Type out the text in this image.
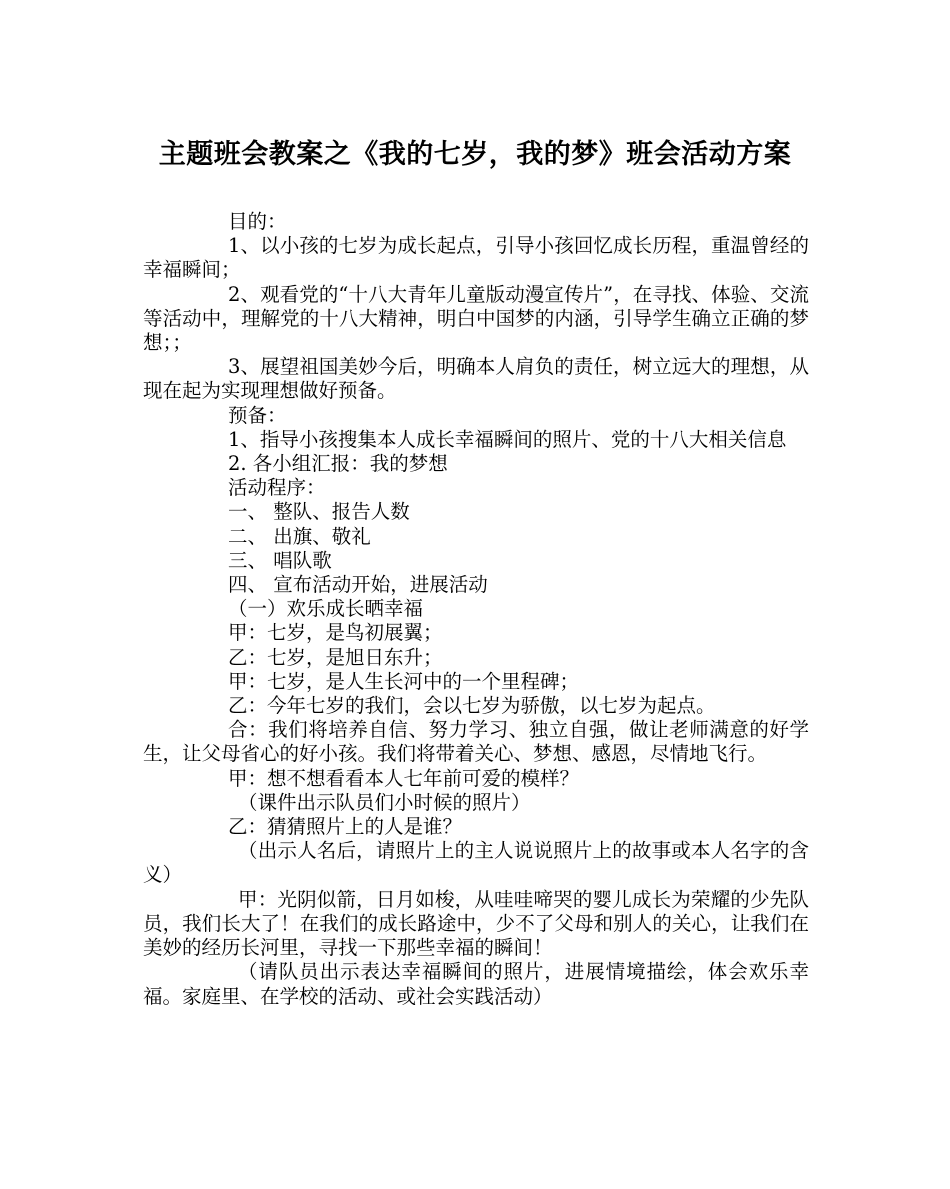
主题班会教案之《我的七岁，我的梦》班会活动方案

目的：

1、以小孩的七岁为成长起点，引导小孩回忆成长历程，重温曾经的幸福瞬间；

2、观看党的“十八大青年儿童版动漫宣传片”，在寻找、体验、交流等活动中，理解党的十八大精神，明白中国梦的内涵，引导学生确立正确的梦想；；

3、展望祖国美妙今后，明确本人肩负的责任，树立远大的理想，从现在起为实现理想做好预备。

预备：

1、指导小孩搜集本人成长幸福瞬间的照片、党的十八大相关信息

2. 各小组汇报：我的梦想

活动程序：

一、 整队、报告人数

二、 出旗、敬礼

三、 唱队歌

四、 宣布活动开始，进展活动

（一）欢乐成长晒幸福

甲：七岁，是鸟初展翼；

乙：七岁，是旭日东升；

甲：七岁，是人生长河中的一个里程碑；

乙：今年七岁的我们，会以七岁为骄傲，以七岁为起点。

合：我们将培养自信、努力学习、独立自强，做让老师满意的好学生，让父母省心的好小孩。我们将带着关心、梦想、感恩，尽情地飞行。

甲：想不想看看本人七年前可爱的模样？

（课件出示队员们小时候的照片）

乙：猜猜照片上的人是谁？

（出示人名后，请照片上的主人说说照片上的故事或本人名字的含义）

甲：光阴似箭，日月如梭，从哇哇啼哭的婴儿成长为荣耀的少先队员，我们长大了！在我们的成长路途中，少不了父母和别人的关心，让我们在美妙的经历长河里，寻找一下那些幸福的瞬间！

（请队员出示表达幸福瞬间的照片，进展情境描绘，体会欢乐幸福。家庭里、在学校的活动、或社会实践活动）
